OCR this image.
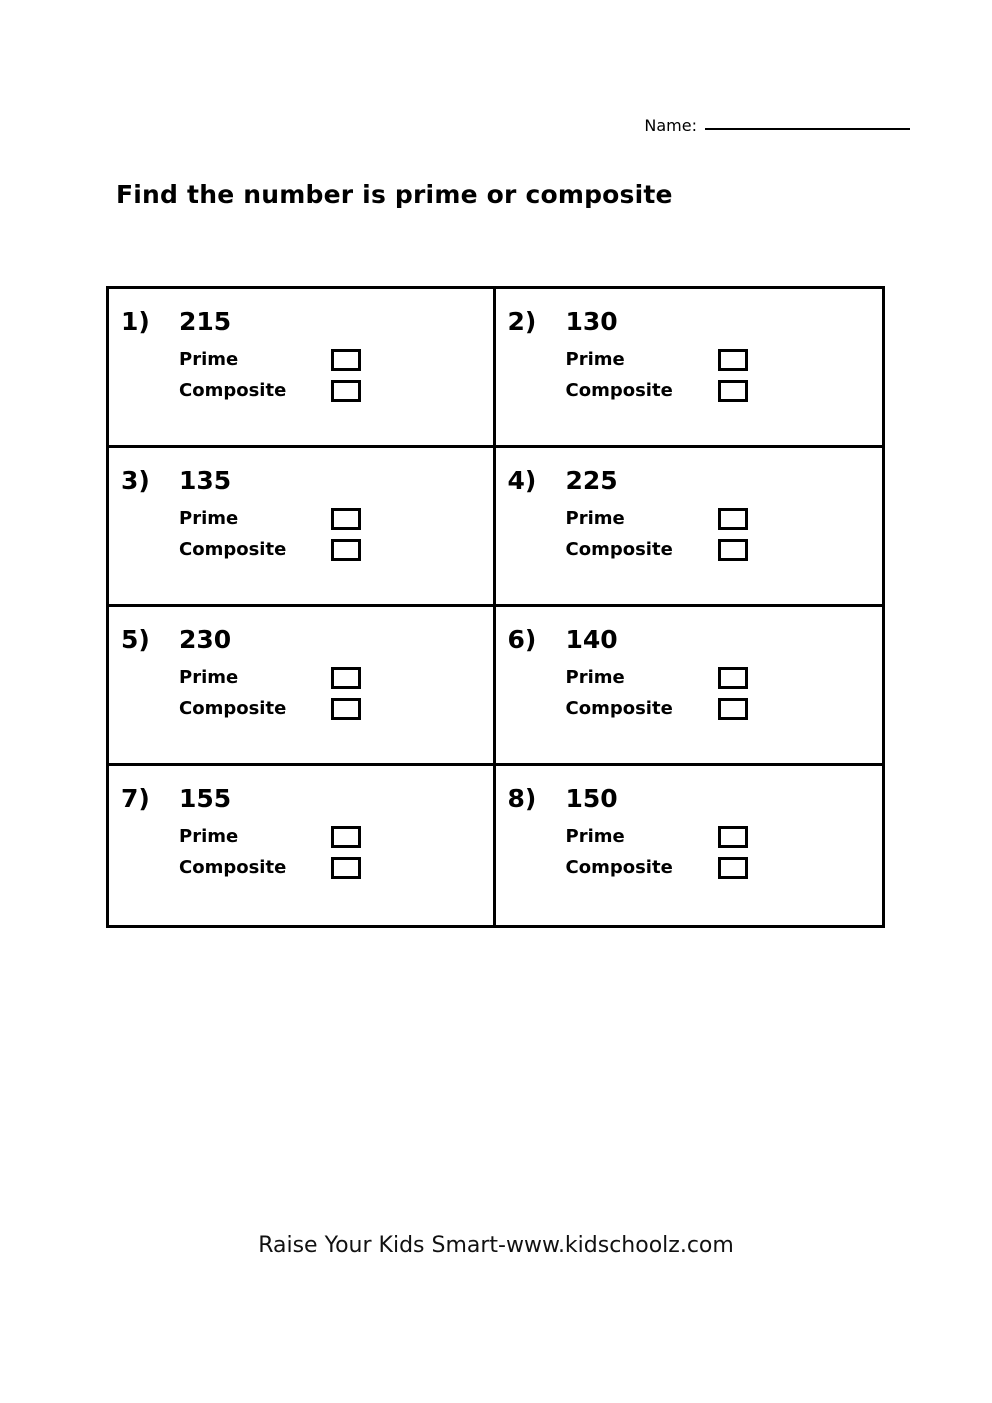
Name:
Find the number is prime or composite
1)	215
Prime
Composite
2)	130
Prime
Composite
3)	135
Prime
Composite
4)	225
Prime
Composite
5)	230
Prime
Composite
6)	140
Prime
Composite
7)	155
Prime
Composite
8)	150
Prime
Composite
Raise Your Kids Smart-www.kidschoolz.com
